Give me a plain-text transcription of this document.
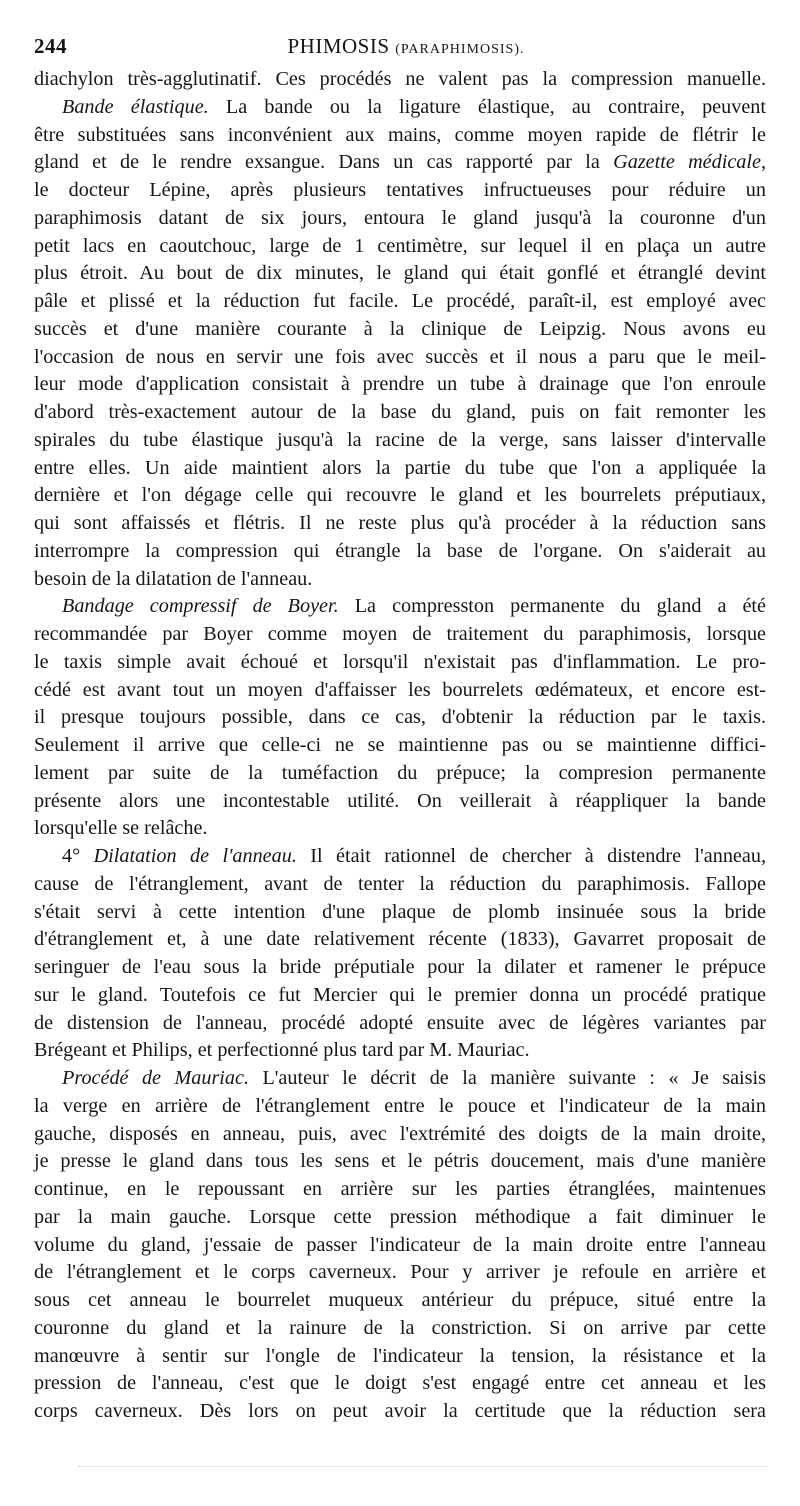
244	PHIMOSIS (PARAPHIMOSIS).
diachylon très-agglutinatif. Ces procédés ne valent pas la compression manuelle.
Bande élastique. La bande ou la ligature élastique, au contraire, peuvent
être substituées sans inconvénient aux mains, comme moyen rapide de flétrir le
gland et de le rendre exsangue. Dans un cas rapporté par la Gazette médicale,
le docteur Lépine, après plusieurs tentatives infructueuses pour réduire un
paraphimosis datant de six jours, entoura le gland jusqu'à la couronne d'un
petit lacs en caoutchouc, large de 1 centimètre, sur lequel il en plaça un autre
plus étroit. Au bout de dix minutes, le gland qui était gonflé et étranglé devint
pâle et plissé et la réduction fut facile. Le procédé, paraît-il, est employé avec
succès et d'une manière courante à la clinique de Leipzig. Nous avons eu
l'occasion de nous en servir une fois avec succès et il nous a paru que le meil-
leur mode d'application consistait à prendre un tube à drainage que l'on enroule
d'abord très-exactement autour de la base du gland, puis on fait remonter les
spirales du tube élastique jusqu'à la racine de la verge, sans laisser d'intervalle
entre elles. Un aide maintient alors la partie du tube que l'on a appliquée la
dernière et l'on dégage celle qui recouvre le gland et les bourrelets préputiaux,
qui sont affaissés et flétris. Il ne reste plus qu'à procéder à la réduction sans
interrompre la compression qui étrangle la base de l'organe. On s'aiderait au
besoin de la dilatation de l'anneau.
Bandage compressif de Boyer. La compresston permanente du gland a été
recommandée par Boyer comme moyen de traitement du paraphimosis, lorsque
le taxis simple avait échoué et lorsqu'il n'existait pas d'inflammation. Le pro-
cédé est avant tout un moyen d'affaisser les bourrelets œdémateux, et encore est-
il presque toujours possible, dans ce cas, d'obtenir la réduction par le taxis.
Seulement il arrive que celle-ci ne se maintienne pas ou se maintienne diffici-
lement par suite de la tuméfaction du prépuce; la compresion permanente
présente alors une incontestable utilité. On veillerait à réappliquer la bande
lorsqu'elle se relâche.
4° Dilatation de l'anneau. Il était rationnel de chercher à distendre l'anneau,
cause de l'étranglement, avant de tenter la réduction du paraphimosis. Fallope
s'était servi à cette intention d'une plaque de plomb insinuée sous la bride
d'étranglement et, à une date relativement récente (1833), Gavarret proposait de
seringuer de l'eau sous la bride préputiale pour la dilater et ramener le prépuce
sur le gland. Toutefois ce fut Mercier qui le premier donna un procédé pratique
de distension de l'anneau, procédé adopté ensuite avec de légères variantes par
Brégeant et Philips, et perfectionné plus tard par M. Mauriac.
Procédé de Mauriac. L'auteur le décrit de la manière suivante : « Je saisis
la verge en arrière de l'étranglement entre le pouce et l'indicateur de la main
gauche, disposés en anneau, puis, avec l'extrémité des doigts de la main droite,
je presse le gland dans tous les sens et le pétris doucement, mais d'une manière
continue, en le repoussant en arrière sur les parties étranglées, maintenues
par la main gauche. Lorsque cette pression méthodique a fait diminuer le
volume du gland, j'essaie de passer l'indicateur de la main droite entre l'anneau
de l'étranglement et le corps caverneux. Pour y arriver je refoule en arrière et
sous cet anneau le bourrelet muqueux antérieur du prépuce, situé entre la
couronne du gland et la rainure de la constriction. Si on arrive par cette
manœuvre à sentir sur l'ongle de l'indicateur la tension, la résistance et la
pression de l'anneau, c'est que le doigt s'est engagé entre cet anneau et les
corps caverneux. Dès lors on peut avoir la certitude que la réduction sera
